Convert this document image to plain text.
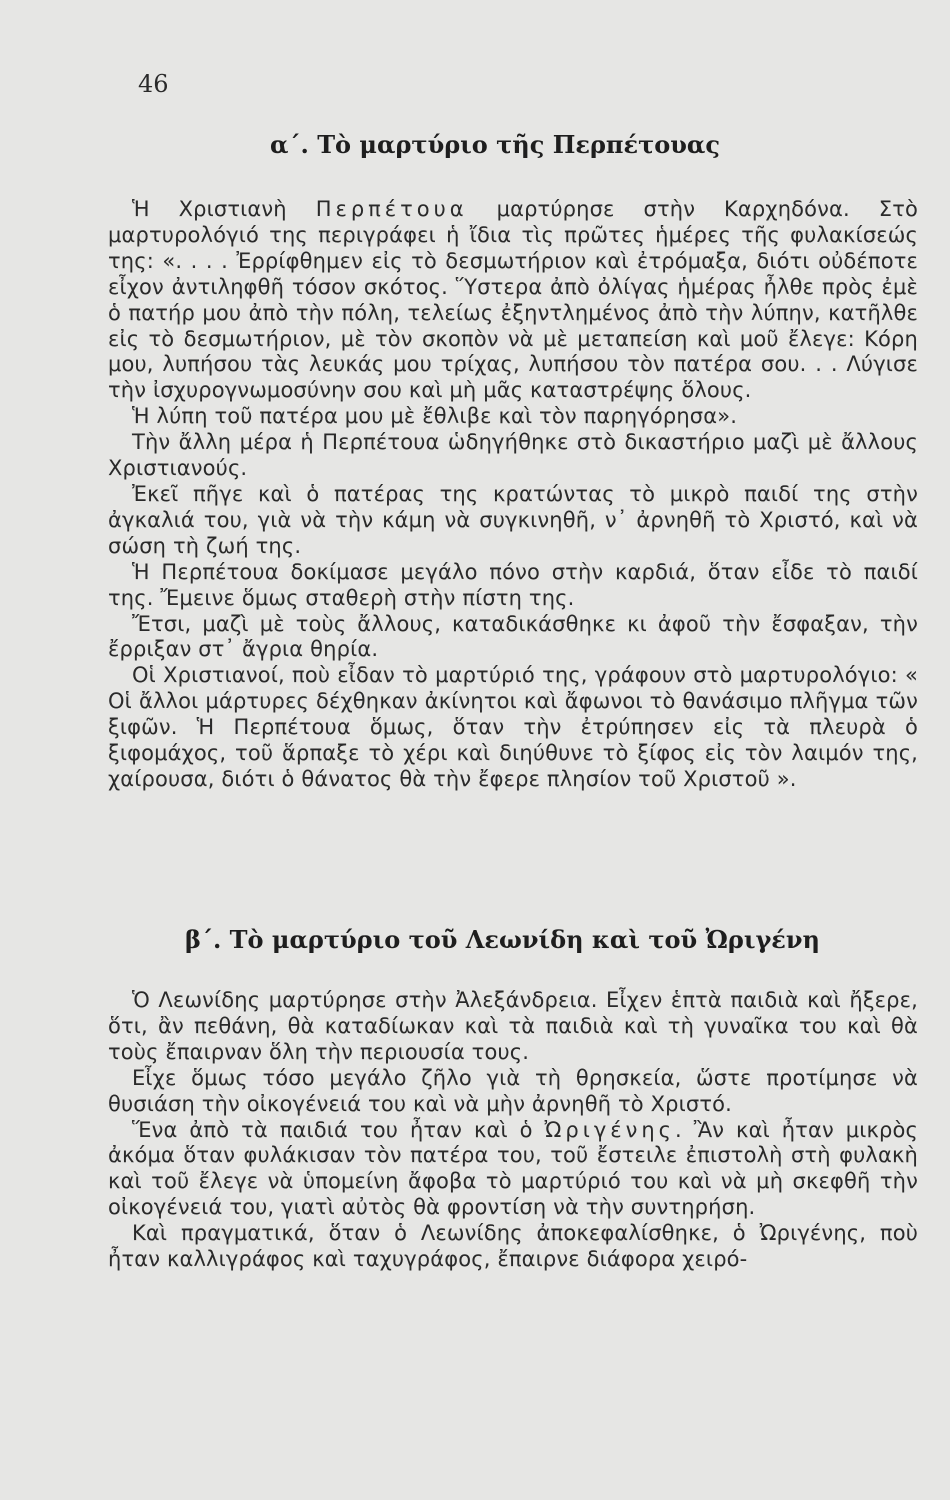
46
α΄. Τὸ μαρτύριο τῆς Περπέτουας

Ἡ Χριστιανὴ Περπέτουα μαρτύρησε στὴν Καρχηδόνα. Στὸ μαρτυρολόγιό της περιγράφει ἡ ἴδια τὶς πρῶτες ἡμέρες τῆς φυλακίσεώς της: «. . . . Ἐρρίφθημεν εἰς τὸ δεσμωτήριον καὶ ἐτρόμαξα, διότι οὐδέποτε εἶχον ἀντιληφθῆ τόσον σκότος. Ὕστερα ἀπὸ ὀλίγας ἡμέρας ἦλθε πρὸς ἐμὲ ὁ πατήρ μου ἀπὸ τὴν πόλη, τελείως ἐξηντλημένος ἀπὸ τὴν λύπην, κατῆλθε εἰς τὸ δεσμωτήριον, μὲ τὸν σκοπὸν νὰ μὲ μεταπείση καὶ μοῦ ἔλεγε: Κόρη μου, λυπήσου τὰς λευκάς μου τρίχας, λυπήσου τὸν πατέρα σου. . . Λύγισε τὴν ἰσχυρογνωμοσύνην σου καὶ μὴ μᾶς καταστρέψης ὅλους.

Ἡ λύπη τοῦ πατέρα μου μὲ ἔθλιβε καὶ τὸν παρηγόρησα».

Τὴν ἄλλη μέρα ἡ Περπέτουα ὡδηγήθηκε στὸ δικαστήριο μαζὶ μὲ ἄλλους Χριστιανούς.

Ἐκεῖ πῆγε καὶ ὁ πατέρας της κρατώντας τὸ μικρὸ παιδί της στὴν ἀγκαλιά του, γιὰ νὰ τὴν κάμη νὰ συγκινηθῆ, ν᾽ ἀρνηθῆ τὸ Χριστό, καὶ νὰ σώση τὴ ζωή της.

Ἡ Περπέτουα δοκίμασε μεγάλο πόνο στὴν καρδιά, ὅταν εἶδε τὸ παιδί της. Ἔμεινε ὅμως σταθερὴ στὴν πίστη της.

Ἔτσι, μαζὶ μὲ τοὺς ἄλλους, καταδικάσθηκε κι ἀφοῦ τὴν ἔσφαξαν, τὴν ἔρριξαν στ᾽ ἄγρια θηρία.

Οἱ Χριστιανοί, ποὺ εἶδαν τὸ μαρτύριό της, γράφουν στὸ μαρτυρολόγιο: « Οἱ ἄλλοι μάρτυρες δέχθηκαν ἀκίνητοι καὶ ἄφωνοι τὸ θανάσιμο πλῆγμα τῶν ξιφῶν. Ἡ Περπέτουα ὅμως, ὅταν τὴν ἐτρύπησεν εἰς τὰ πλευρὰ ὁ ξιφομάχος, τοῦ ἅρπαξε τὸ χέρι καὶ διηύθυνε τὸ ξίφος εἰς τὸν λαιμόν της, χαίρουσα, διότι ὁ θάνατος θὰ τὴν ἔφερε πλησίον τοῦ Χριστοῦ ».

β΄. Τὸ μαρτύριο τοῦ Λεωνίδη καὶ τοῦ Ὠριγένη

Ὁ Λεωνίδης μαρτύρησε στὴν Ἀλεξάνδρεια. Εἶχεν ἑπτὰ παιδιὰ καὶ ἤξερε, ὅτι, ἂν πεθάνη, θὰ καταδίωκαν καὶ τὰ παιδιὰ καὶ τὴ γυναῖκα του καὶ θὰ τοὺς ἔπαιρναν ὅλη τὴν περιουσία τους.

Εἶχε ὅμως τόσο μεγάλο ζῆλο γιὰ τὴ θρησκεία, ὥστε προτίμησε νὰ θυσιάση τὴν οἰκογένειά του καὶ νὰ μὴν ἀρνηθῆ τὸ Χριστό.

Ἕνα ἀπὸ τὰ παιδιά του ἦταν καὶ ὁ Ὠριγένης. Ἂν καὶ ἦταν μικρὸς ἀκόμα ὅταν φυλάκισαν τὸν πατέρα του, τοῦ ἔστειλε ἐπιστολὴ στὴ φυλακὴ καὶ τοῦ ἔλεγε νὰ ὑπομείνη ἄφοβα τὸ μαρτύριό του καὶ νὰ μὴ σκεφθῆ τὴν οἰκογένειά του, γιατὶ αὐτὸς θὰ φροντίση νὰ τὴν συντηρήση.

Καὶ πραγματικά, ὅταν ὁ Λεωνίδης ἀποκεφαλίσθηκε, ὁ Ὠριγένης, ποὺ ἦταν καλλιγράφος καὶ ταχυγράφος, ἔπαιρνε διάφορα χειρό-
